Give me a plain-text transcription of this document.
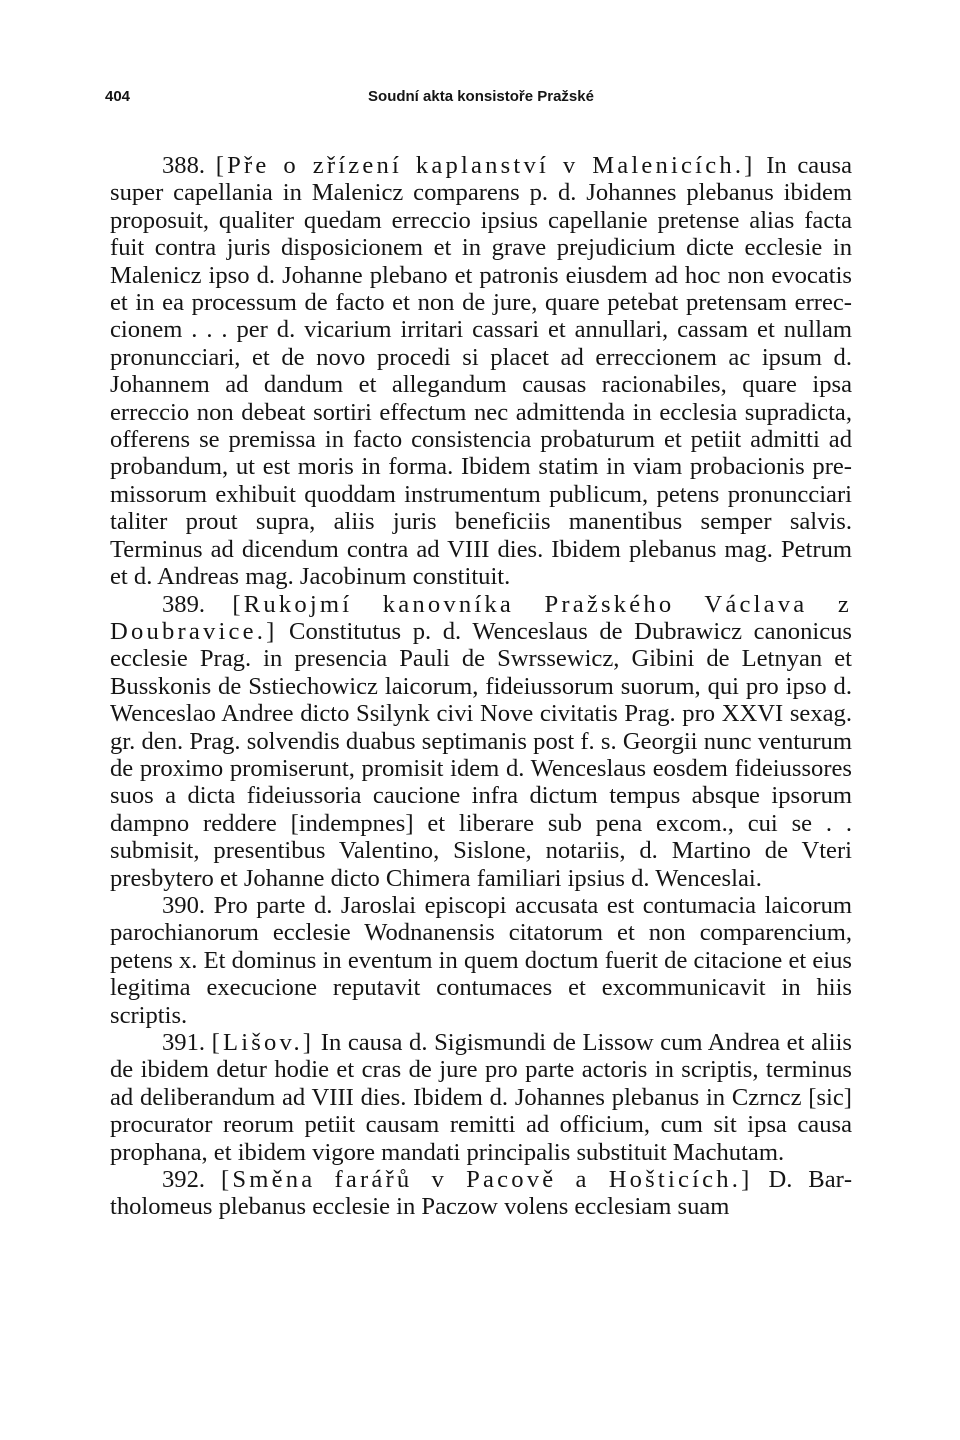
404	Soudní akta konsistoře Pražské

388. [Pře o zřízení kaplanství v Malenicích.] In causa super capellania in Malenicz comparens p. d. Johannes plebanus ibidem proposuit, qualiter quedam erreccio ipsius capellanie pretense alias facta fuit contra juris disposicionem et in grave prejudicium dicte ecclesie in Malenicz ipso d. Johanne plebano et patronis eiusdem ad hoc non evocatis et in ea processum de facto et non de jure, quare petebat pretensam erreccionem . . . per d. vicarium irritari cassari et annullari, cassam et nullam pronuncciari, et de novo procedi si placet ad erreccionem ac ipsum d. Johannem ad dandum et allegandum causas racionabiles, quare ipsa erreccio non debeat sortiri effectum nec admittenda in ecclesia supradicta, offerens se premissa in facto consistencia probaturum et petiit admitti ad probandum, ut est moris in forma. Ibidem statim in viam probacionis premissorum exhibuit quoddam instrumentum publicum, petens pronuncciari taliter prout supra, aliis juris beneficiis manentibus semper salvis. Terminus ad dicendum contra ad VIII dies. Ibidem plebanus mag. Petrum et d. Andreas mag. Jacobinum constituit.

389. [Rukojmí kanovníka Pražského Václava z Doubravice.] Constitutus p. d. Wenceslaus de Dubrawicz canonicus ecclesie Prag. in presencia Pauli de Swrssewicz, Gibini de Letnyan et Busskonis de Sstiechowicz laicorum, fideiussorum suorum, qui pro ipso d. Wenceslao Andree dicto Ssilynk civi Nove civitatis Prag. pro XXVI sexag. gr. den. Prag. solvendis duabus septimanis post f. s. Georgii nunc venturum de proximo promiserunt, promisit idem d. Wenceslaus eosdem fideiussores suos a dicta fideiussoria caucione infra dictum tempus absque ipsorum dampno reddere [indempnes] et liberare sub pena excom., cui se . . submisit, presentibus Valentino, Sislone, notariis, d. Martino de Vteri presbytero et Johanne dicto Chimera familiari ipsius d. Wenceslai.

390. Pro parte d. Jaroslai episcopi accusata est contumacia laicorum parochianorum ecclesie Wodnanensis citatorum et non comparencium, petens x. Et dominus in eventum in quem doctum fuerit de citacione et eius legitima execucione reputavit contumaces et excommunicavit in hiis scriptis.

391. [Lišov.] In causa d. Sigismundi de Lissow cum Andrea et aliis de ibidem detur hodie et cras de jure pro parte actoris in scriptis, terminus ad deliberandum ad VIII dies. Ibidem d. Johannes plebanus in Czrncz [sic] procurator reorum petiit causam remitti ad officium, cum sit ipsa causa prophana, et ibidem vigore mandati principalis substituit Machutam.

392. [Směna farářů v Pacově a Hošticích.] D. Bartholomeus plebanus ecclesie in Paczow volens ecclesiam suam
